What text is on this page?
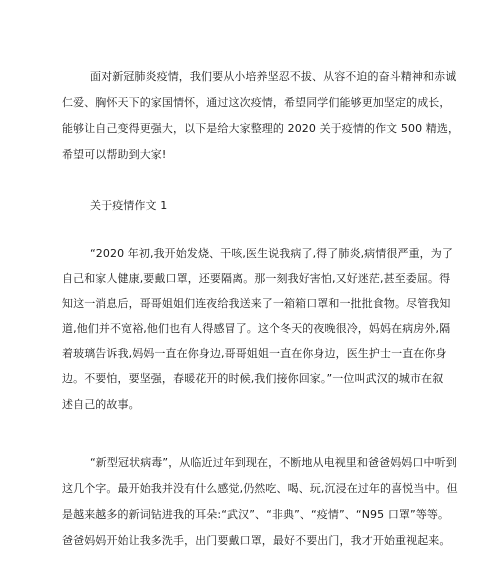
面对新冠肺炎疫情，我们要从小培养坚忍不拔、从容不迫的奋斗精神和赤诚
仁爱、胸怀天下的家国情怀，通过这次疫情，希望同学们能够更加坚定的成长，
能够让自己变得更强大，以下是给大家整理的 2020 关于疫情的作文 500 精选，
希望可以帮助到大家!
关于疫情作文 1
“2020 年初,我开始发烧、干咳,医生说我病了,得了肺炎,病情很严重，为了
自己和家人健康,要戴口罩，还要隔离。那一刻我好害怕,又好迷茫,甚至委屈。得
知这一消息后，哥哥姐姐们连夜给我送来了一箱箱口罩和一批批食物。尽管我知
道,他们并不宽裕,他们也有人得感冒了。这个冬天的夜晚很冷，妈妈在病房外,隔
着玻璃告诉我,妈妈一直在你身边,哥哥姐姐一直在你身边，医生护士一直在你身
边。不要怕，要坚强，春暖花开的时候,我们接你回家。”一位叫武汉的城市在叙
述自己的故事。
“新型冠状病毒”，从临近过年到现在，不断地从电视里和爸爸妈妈口中听到
这几个字。最开始我并没有什么感觉,仍然吃、喝、玩,沉浸在过年的喜悦当中。但
是越来越多的新词钻进我的耳朵:“武汉”、“非典”、“疫情”、“N95 口罩”等等。
爸爸妈妈开始让我多洗手，出门要戴口罩，最好不要出门，我才开始重视起来。
